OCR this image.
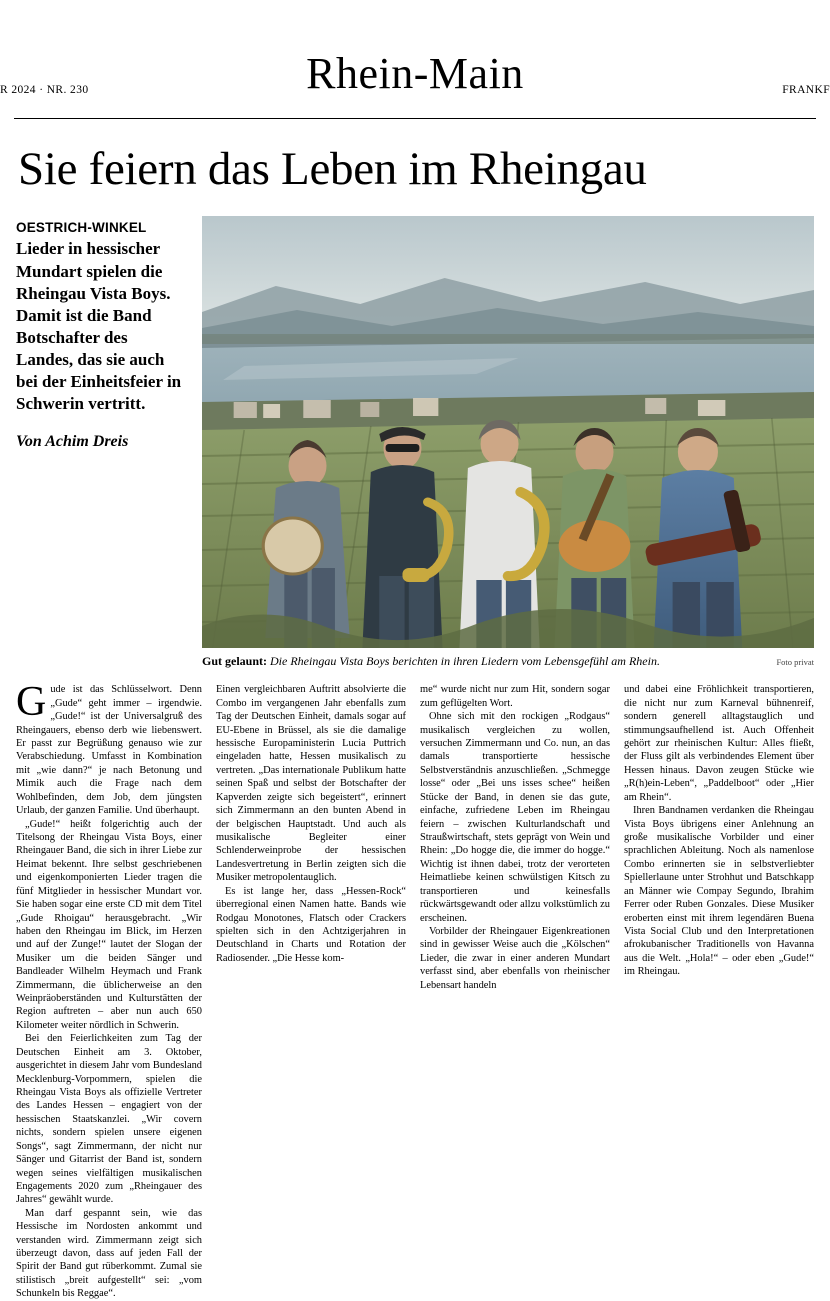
R 2024 · NR. 230	Rhein-Main	FRANKF
Sie feiern das Leben im Rheingau

OESTRICH-WINKEL Lieder in hessischer Mundart spielen die Rheingau Vista Boys. Damit ist die Band Botschafter des Landes, das sie auch bei der Einheitsfeier in Schwerin vertritt.

Von Achim Dreis
Gut gelaunt: Die Rheingau Vista Boys berichten in ihren Liedern vom Lebensgefühl am Rhein.	Foto privat

Gude ist das Schlüsselwort. Denn „Gude“ geht immer – irgendwie. „Gude!“ ist der Universalgruß des Rheingauers, ebenso derb wie liebenswert. Er passt zur Begrüßung genauso wie zur Verabschiedung. Umfasst in Kombination mit „wie dann?“ je nach Betonung und Mimik auch die Frage nach dem Wohlbefinden, dem Job, dem jüngsten Urlaub, der ganzen Familie. Und überhaupt.

„Gude!“ heißt folgerichtig auch der Titelsong der Rheingau Vista Boys, einer Rheingauer Band, die sich in ihrer Liebe zur Heimat bekennt. Ihre selbst geschriebenen und eigenkomponierten Lieder tragen die fünf Mitglieder in hessischer Mundart vor. Sie haben sogar eine erste CD mit dem Titel „Gude Rhoigau“ herausgebracht. „Wir haben den Rheingau im Blick, im Herzen und auf der Zunge!“ lautet der Slogan der Musiker um die beiden Sänger und Bandleader Wilhelm Heymach und Frank Zimmermann, die üblicherweise an den Weinpräoberständen und Kulturstätten der Region auftreten – aber nun auch 650 Kilometer weiter nördlich in Schwerin.

Bei den Feierlichkeiten zum Tag der Deutschen Einheit am 3. Oktober, ausgerichtet in diesem Jahr vom Bundesland Mecklenburg-Vorpommern, spielen die Rheingau Vista Boys als offizielle Vertreter des Landes Hessen – engagiert von der hessischen Staatskanzlei. „Wir covern nichts, sondern spielen unsere eigenen Songs“, sagt Zimmermann, der nicht nur Sänger und Gitarrist der Band ist, sondern wegen seines vielfältigen musikalischen Engagements 2020 zum „Rheingauer des Jahres“ gewählt wurde.

Man darf gespannt sein, wie das Hessische im Nordosten ankommt und verstanden wird. Zimmermann zeigt sich überzeugt davon, dass auf jeden Fall der Spirit der Band gut rüberkommt. Zumal sie stilistisch „breit aufgestellt“ sei: „vom Schunkeln bis Reggae“.

Einen vergleichbaren Auftritt absolvierte die Combo im vergangenen Jahr ebenfalls zum Tag der Deutschen Einheit, damals sogar auf EU-Ebene in Brüssel, als sie die damalige hessische Europaministerin Lucia Puttrich eingeladen hatte, Hessen musikalisch zu vertreten. „Das internationale Publikum hatte seinen Spaß und selbst der Botschafter der Kapverden zeigte sich begeistert“, erinnert sich Zimmermann an den bunten Abend in der belgischen Hauptstadt. Und auch als musikalische Begleiter einer Schlenderweinprobe der hessischen Landesvertretung in Berlin zeigten sich die Musiker metropolentauglich.

Es ist lange her, dass „Hessen-Rock“ überregional einen Namen hatte. Bands wie Rodgau Monotones, Flatsch oder Crackers spielten sich in den Achtzigerjahren in Deutschland in Charts und Rotation der Radiosender. „Die Hesse kom-

me“ wurde nicht nur zum Hit, sondern sogar zum geflügelten Wort.

Ohne sich mit den rockigen „Rodgaus“ musikalisch vergleichen zu wollen, versuchen Zimmermann und Co. nun, an das damals transportierte hessische Selbstverständnis anzuschließen. „Schmegge losse“ oder „Bei uns isses schee“ heißen Stücke der Band, in denen sie das gute, einfache, zufriedene Leben im Rheingau feiern – zwischen Kulturlandschaft und Straußwirtschaft, stets geprägt von Wein und Rhein: „Do hogge die, die immer do hogge.“ Wichtig ist ihnen dabei, trotz der verorteten Heimatliebe keinen schwülstigen Kitsch zu transportieren und keinesfalls rückwärtsgewandt oder allzu volkstümlich zu erscheinen.

Vorbilder der Rheingauer Eigenkreationen sind in gewisser Weise auch die „Kölschen“ Lieder, die zwar in einer anderen Mundart verfasst sind, aber ebenfalls von rheinischer Lebensart handeln

und dabei eine Fröhlichkeit transportieren, die nicht nur zum Karneval bühnenreif, sondern generell alltagstauglich und stimmungsaufhellend ist. Auch Offenheit gehört zur rheinischen Kultur: Alles fließt, der Fluss gilt als verbindendes Element über Hessen hinaus. Davon zeugen Stücke wie „R(h)ein-Leben“, „Paddelboot“ oder „Hier am Rhein“.

Ihren Bandnamen verdanken die Rheingau Vista Boys übrigens einer Anlehnung an große musikalische Vorbilder und einer sprachlichen Ableitung. Noch als namenlose Combo erinnerten sie in selbstverliebter Spiellerlaune unter Strohhut und Batschkapp an Männer wie Compay Segundo, Ibrahim Ferrer oder Ruben Gonzales. Diese Musiker eroberten einst mit ihrem legendären Buena Vista Social Club und den Interpretationen afrokubanischer Traditionells von Havanna aus die Welt. „Hola!“ – oder eben „Gude!“ im Rheingau.
